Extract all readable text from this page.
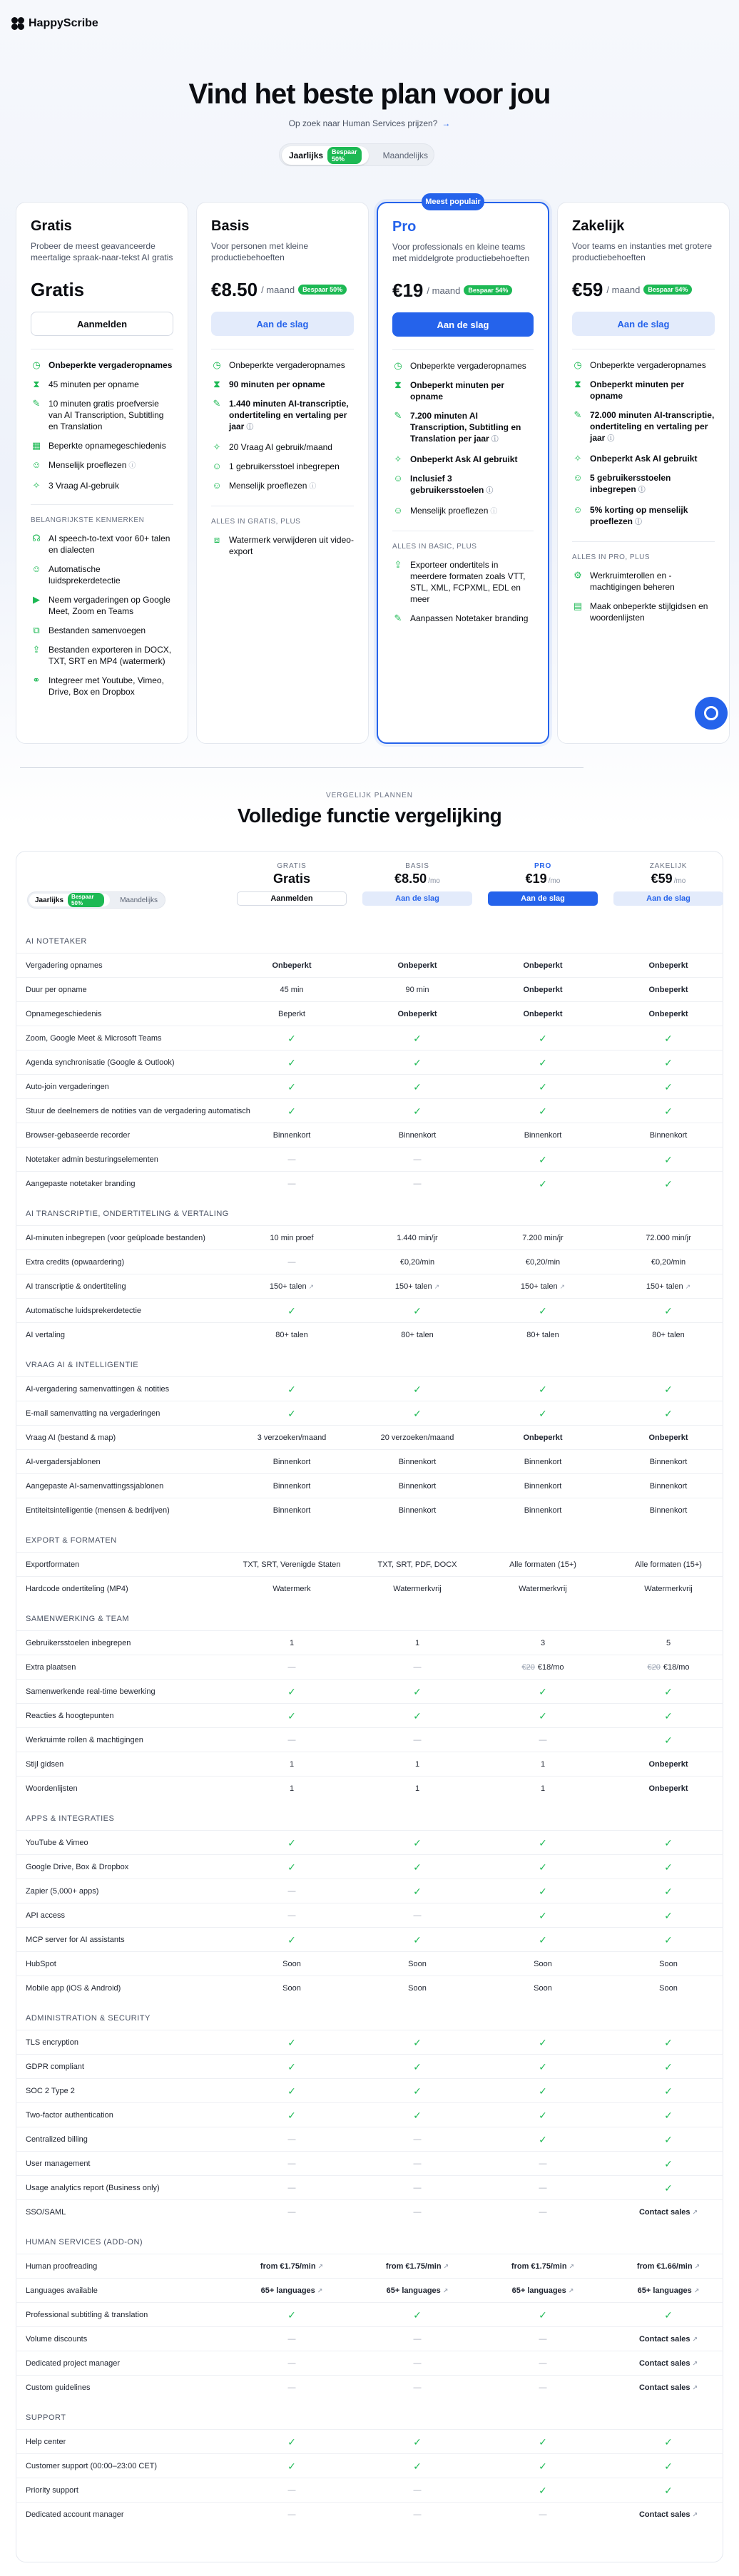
HappyScribe
Vind het beste plan voor jou
Op zoek naar Human Services prijzen? →
Jaarlijks	Bespaar 50%	Maandelijks
Gratis
Probeer de meest geavanceerde meertalige spraak-naar-tekst AI gratis
Gratis
Aanmelden
◷ Onbeperkte vergaderopnames
⧗ 45 minuten per opname
✎ 10 minuten gratis proefversie van AI Transcription, Subtitling en Translation
▦ Beperkte opnamegeschiedenis
☺ Menselijk proeflezen ⓘ
✧ 3 Vraag AI-gebruik
BELANGRIJKSTE KENMERKEN
☊ AI speech-to-text voor 60+ talen en dialecten
☺ Automatische luidsprekerdetectie
▶ Neem vergaderingen op Google Meet, Zoom en Teams
⧉ Bestanden samenvoegen
⇪ Bestanden exporteren in DOCX, TXT, SRT en MP4 (watermerk)
⚭ Integreer met Youtube, Vimeo, Drive, Box en Dropbox
Basis
Voor personen met kleine productiebehoeften
€8.50 / maand	Bespaar 50%
Aan de slag
◷ Onbeperkte vergaderopnames
⧗ 90 minuten per opname
✎ 1.440 minuten AI-transcriptie, ondertiteling en vertaling per jaar ⓘ
✧ 20 Vraag AI gebruik/maand
☺ 1 gebruikersstoel inbegrepen
☺ Menselijk proeflezen ⓘ
ALLES IN GRATIS, PLUS
⧈	Watermerk verwijderen uit video-export
Pro
Voor professionals en kleine teams met middelgrote productiebehoeften
€19 / maand	Bespaar 54%
Aan de slag
◷ Onbeperkte vergaderopnames
⧗ Onbeperkt minuten per opname
✎ 7.200 minuten AI Transcription, Subtitling en Translation per jaar ⓘ
✧ Onbeperkt Ask AI gebruikt
☺ Inclusief 3 gebruikersstoelen ⓘ
☺ Menselijk proeflezen ⓘ
ALLES IN BASIC, PLUS
⇪ Exporteer ondertitels in meerdere formaten zoals VTT, STL, XML, FCPXML, EDL en meer
✎ Aanpassen Notetaker branding
Zakelijk
Voor teams en instanties met grotere productiebehoeften
€59 / maand	Bespaar 54%
Aan de slag
◷ Onbeperkte vergaderopnames
⧗ Onbeperkt minuten per opname
✎ 72.000 minuten AI-transcriptie, ondertiteling en vertaling per jaar ⓘ
✧ Onbeperkt Ask AI gebruikt
☺ 5 gebruikersstoelen inbegrepen ⓘ
☺ 5% korting op menselijk proeflezen ⓘ
ALLES IN PRO, PLUS
⚙ Werkruimterollen en -machtigingen beheren
▤ Maak onbeperkte stijlgidsen en woordenlijsten
Meest populair
VERGELIJK PLANNEN
Volledige functie vergelijking
Jaarlijks	Bespaar 50%	Maandelijks
GRATIS
Gratis
Aanmelden
BASIS
€8.50 /mo
Aan de slag
PRO
€19 /mo
Aan de slag
ZAKELIJK
€59 /mo
Aan de slag
AI NOTETAKER
Vergadering opnames	Onbeperkt	Onbeperkt	Onbeperkt	Onbeperkt
Duur per opname	45 min	90 min	Onbeperkt	Onbeperkt
Opnamegeschiedenis	Beperkt	Onbeperkt	Onbeperkt	Onbeperkt
Zoom, Google Meet & Microsoft Teams	✓	✓	✓	✓
Agenda synchronisatie (Google & Outlook)	✓	✓	✓	✓
Auto-join vergaderingen	✓	✓	✓	✓
Stuur de deelnemers de notities van de vergadering automatisch	✓	✓	✓	✓
Browser-gebaseerde recorder	Binnenkort	Binnenkort	Binnenkort	Binnenkort
Notetaker admin besturingselementen	—	—	✓	✓
Aangepaste notetaker branding	—	—	✓	✓
AI TRANSCRIPTIE, ONDERTITELING & VERTALING
AI-minuten inbegrepen (voor geüploade bestanden)	10 min proef	1.440 min/jr	7.200 min/jr	72.000 min/jr
Extra credits (opwaardering)	—	€0,20/min	€0,20/min	€0,20/min
AI transcriptie & ondertiteling	150+ talen ↗	150+ talen ↗	150+ talen ↗	150+ talen ↗
Automatische luidsprekerdetectie	✓	✓	✓	✓
AI vertaling	80+ talen	80+ talen	80+ talen	80+ talen
VRAAG AI & INTELLIGENTIE
AI-vergadering samenvattingen & notities	✓	✓	✓	✓
E-mail samenvatting na vergaderingen	✓	✓	✓	✓
Vraag AI (bestand & map)	3 verzoeken/maand	20 verzoeken/maand	Onbeperkt	Onbeperkt
AI-vergadersjablonen	Binnenkort	Binnenkort	Binnenkort	Binnenkort
Aangepaste AI-samenvattingssjablonen	Binnenkort	Binnenkort	Binnenkort	Binnenkort
Entiteitsintelligentie (mensen & bedrijven)	Binnenkort	Binnenkort	Binnenkort	Binnenkort
EXPORT & FORMATEN
Exportformaten	TXT, SRT, Verenigde Staten	TXT, SRT, PDF, DOCX	Alle formaten (15+)	Alle formaten (15+)
Hardcode ondertiteling (MP4)	Watermerk	Watermerkvrij	Watermerkvrij	Watermerkvrij
SAMENWERKING & TEAM
Gebruikersstoelen inbegrepen	1	1	3	5
Extra plaatsen	—	—	€20 €18/mo	€20 €18/mo
Samenwerkende real-time bewerking	✓	✓	✓	✓
Reacties & hoogtepunten	✓	✓	✓	✓
Werkruimte rollen & machtigingen	—	—	—	✓
Stijl gidsen	1	1	1	Onbeperkt
Woordenlijsten	1	1	1	Onbeperkt
APPS & INTEGRATIES
YouTube & Vimeo	✓	✓	✓	✓
Google Drive, Box & Dropbox	✓	✓	✓	✓
Zapier (5,000+ apps)	—	✓	✓	✓
API access	—	—	✓	✓
MCP server for AI assistants	✓	✓	✓	✓
HubSpot	Soon	Soon	Soon	Soon
Mobile app (iOS & Android)	Soon	Soon	Soon	Soon
ADMINISTRATION & SECURITY
TLS encryption	✓	✓	✓	✓
GDPR compliant	✓	✓	✓	✓
SOC 2 Type 2	✓	✓	✓	✓
Two-factor authentication	✓	✓	✓	✓
Centralized billing	—	—	✓	✓
User management	—	—	—	✓
Usage analytics report (Business only)	—	—	—	✓
SSO/SAML	—	—	—	Contact sales ↗
HUMAN SERVICES (ADD-ON)
Human proofreading	from €1.75/min ↗	from €1.75/min ↗	from €1.75/min ↗	from €1.66/min ↗
Languages available	65+ languages ↗	65+ languages ↗	65+ languages ↗	65+ languages ↗
Professional subtitling & translation	✓	✓	✓	✓
Volume discounts	—	—	—	Contact sales ↗
Dedicated project manager	—	—	—	Contact sales ↗
Custom guidelines	—	—	—	Contact sales ↗
SUPPORT
Help center	✓	✓	✓	✓
Customer support (00:00–23:00 CET)	✓	✓	✓	✓
Priority support	—	—	✓	✓
Dedicated account manager	—	—	—	Contact sales ↗
